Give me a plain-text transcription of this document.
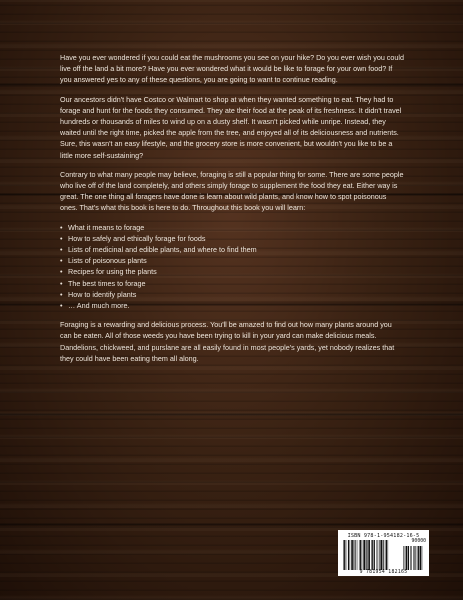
Have you ever wondered if you could eat the mushrooms you see on your hike? Do you ever wish you could live off the land a bit more? Have you ever wondered what it would be like to forage for your own food? If you answered yes to any of these questions, you are going to want to continue reading.

Our ancestors didn't have Costco or Walmart to shop at when they wanted something to eat. They had to forage and hunt for the foods they consumed. They ate their food at the peak of its freshness. It didn't travel hundreds or thousands of miles to wind up on a dusty shelf. It wasn't picked while unripe. Instead, they waited until the right time, picked the apple from the tree, and enjoyed all of its deliciousness and nutrients. Sure, this wasn't an easy lifestyle, and the grocery store is more convenient, but wouldn't you like to be a little more self-sustaining?

Contrary to what many people may believe, foraging is still a popular thing for some. There are some people who live off of the land completely, and others simply forage to supplement the food they eat. Either way is great. The one thing all foragers have done is learn about wild plants, and know how to spot poisonous ones. That's what this book is here to do. Throughout this book you will learn:

• What it means to forage
• How to safely and ethically forage for foods
• Lists of medicinal and edible plants, and where to find them
• Lists of poisonous plants
• Recipes for using the plants
• The best times to forage
• How to identify plants
• … And much more.

Foraging is a rewarding and delicious process. You'll be amazed to find out how many plants around you can be eaten. All of those weeds you have been trying to kill in your yard can make delicious meals. Dandelions, chickweed, and purslane are all easily found in most people's yards, yet nobody realizes that they could have been eating them all along.

ISBN 978-1-954182-16-5
90000
9 781954 182165
